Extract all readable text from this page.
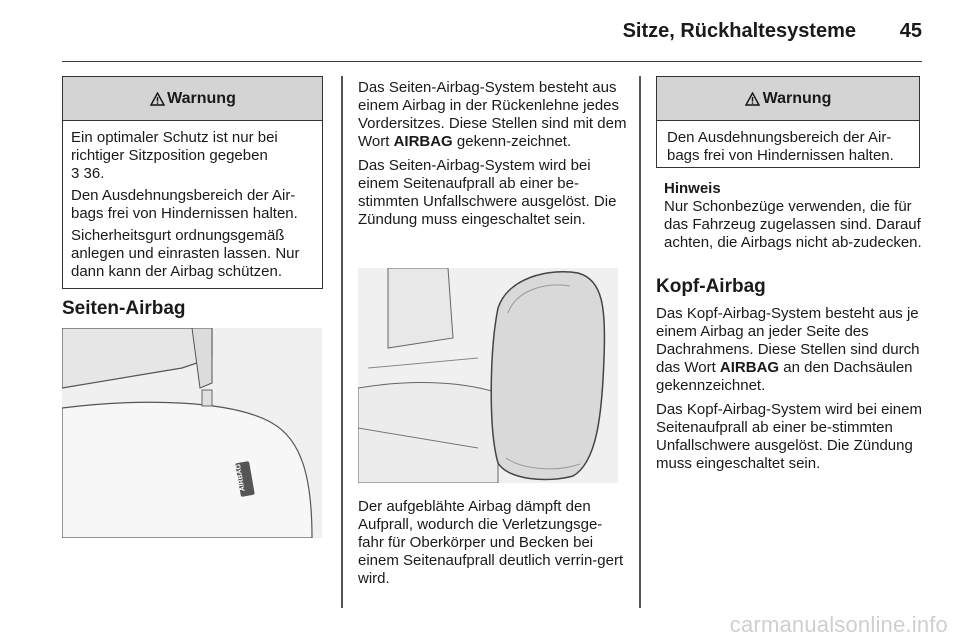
Sitze, Rückhaltesysteme 45
Warnung

Ein optimaler Schutz ist nur bei richtiger Sitzposition gegeben

3 36.

Den Ausdehnungsbereich der Air-bags frei von Hindernissen halten.

Sicherheitsgurt ordnungsgemäß anlegen und einrasten lassen. Nur dann kann der Airbag schützen.

Seiten-Airbag
AIRBAG

Das Seiten-Airbag-System besteht aus einem Airbag in der Rückenlehne jedes Vordersitzes. Diese Stellen sind mit dem Wort AIRBAG gekenn-zeichnet.

Das Seiten-Airbag-System wird bei einem Seitenaufprall ab einer be-stimmten Unfallschwere ausgelöst. Die Zündung muss eingeschaltet sein.

Der aufgeblähte Airbag dämpft den Aufprall, wodurch die Verletzungsge-fahr für Oberkörper und Becken bei einem Seitenaufprall deutlich verrin-gert wird.
Warnung

Den Ausdehnungsbereich der Air-bags frei von Hindernissen halten.

Hinweis
Nur Schonbezüge verwenden, die für das Fahrzeug zugelassen sind. Darauf achten, die Airbags nicht ab-zudecken.
Kopf-Airbag

Das Kopf-Airbag-System besteht aus je einem Airbag an jeder Seite des Dachrahmens. Diese Stellen sind durch das Wort AIRBAG an den Dachsäulen gekennzeichnet.

Das Kopf-Airbag-System wird bei einem Seitenaufprall ab einer be-stimmten Unfallschwere ausgelöst. Die Zündung muss eingeschaltet sein.

carmanualsonline.info
